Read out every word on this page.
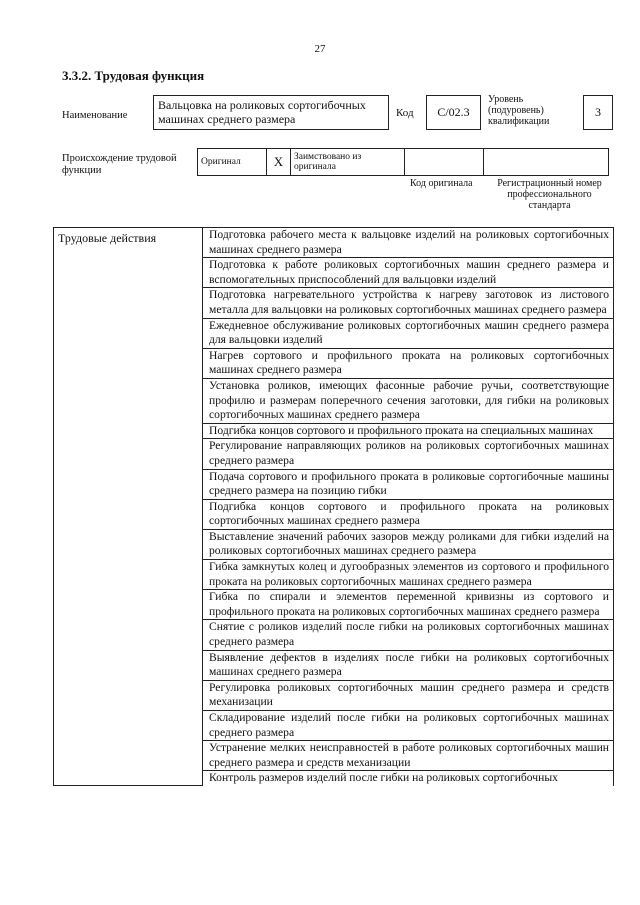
27
3.3.2. Трудовая функция
Наименование
Вальцовка на роликовых сортогибочных машинах среднего размера	Код	С/02.3
Уровень (подуровень) квалификации
3
Происхождение трудовой функции
Оригинал	Х	Заимствовано из оригинала		
Код оригинала	Регистрационный номер профессионального стандарта
Трудовые действия	Подготовка рабочего места к вальцовке изделий на роликовых сортогибочных машинах среднего размера
Подготовка к работе роликовых сортогибочных машин среднего размера и вспомогательных приспособлений для вальцовки изделий
Подготовка нагревательного устройства к нагреву заготовок из листового металла для вальцовки на роликовых сортогибочных машинах среднего размера
Ежедневное обслуживание роликовых сортогибочных машин среднего размера для вальцовки изделий
Нагрев сортового и профильного проката на роликовых сортогибочных машинах среднего размера
Установка роликов, имеющих фасонные рабочие ручьи, соответствующие профилю и размерам поперечного сечения заготовки, для гибки на роликовых сортогибочных машинах среднего размера
Подгибка концов сортового и профильного проката на специальных машинах
Регулирование направляющих роликов на роликовых сортогибочных машинах среднего размера
Подача сортового и профильного проката в роликовые сортогибочные машины среднего размера на позицию гибки
Подгибка концов сортового и профильного проката на роликовых сортогибочных машинах среднего размера
Выставление значений рабочих зазоров между роликами для гибки изделий на роликовых сортогибочных машинах среднего размера
Гибка замкнутых колец и дугообразных элементов из сортового и профильного проката на роликовых сортогибочных машинах среднего размера
Гибка по спирали и элементов переменной кривизны из сортового и профильного проката на роликовых сортогибочных машинах среднего размера
Снятие с роликов изделий после гибки на роликовых сортогибочных машинах среднего размера
Выявление дефектов в изделиях после гибки на роликовых сортогибочных машинах среднего размера
Регулировка роликовых сортогибочных машин среднего размера и средств механизации
Складирование изделий после гибки на роликовых сортогибочных машинах среднего размера
Устранение мелких неисправностей в работе роликовых сортогибочных машин среднего размера и средств механизации
Контроль размеров изделий после гибки на роликовых сортогибочных
